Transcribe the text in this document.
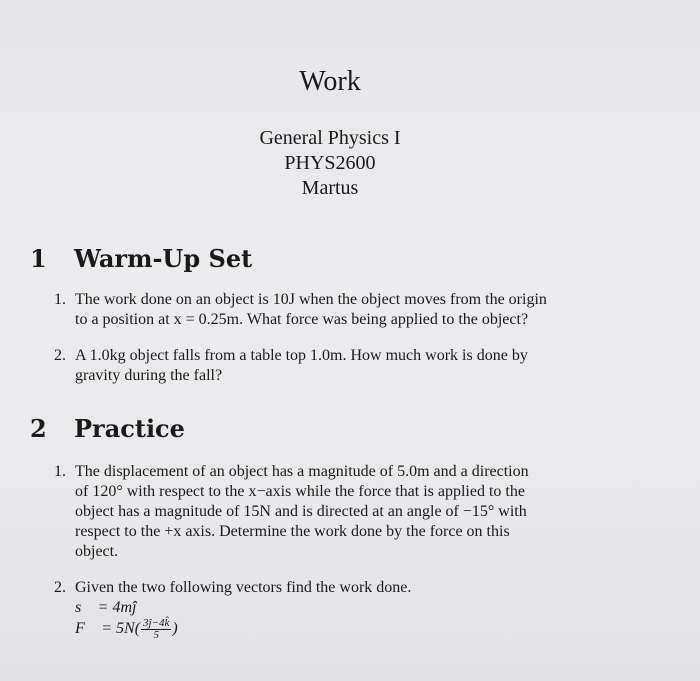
Work
General Physics I
PHYS2600
Martus
1 Warm-Up Set
1. The work done on an object is 10J when the object moves from the origin
to a position at x = 0.25m. What force was being applied to the object?
2. A 1.0kg object falls from a table top 1.0m. How much work is done by
gravity during the fall?
2 Practice
1. The displacement of an object has a magnitude of 5.0m and a direction
of 120° with respect to the x−axis while the force that is applied to the
object has a magnitude of 15N and is directed at an angle of −15° with
respect to the +x axis. Determine the work done by the force on this
object.
2. Given the two following vectors find the work done.
s⃗ = 4mĵ
F⃗ = $5N( \frac{3ĵ-4k̂}{5}$ )
